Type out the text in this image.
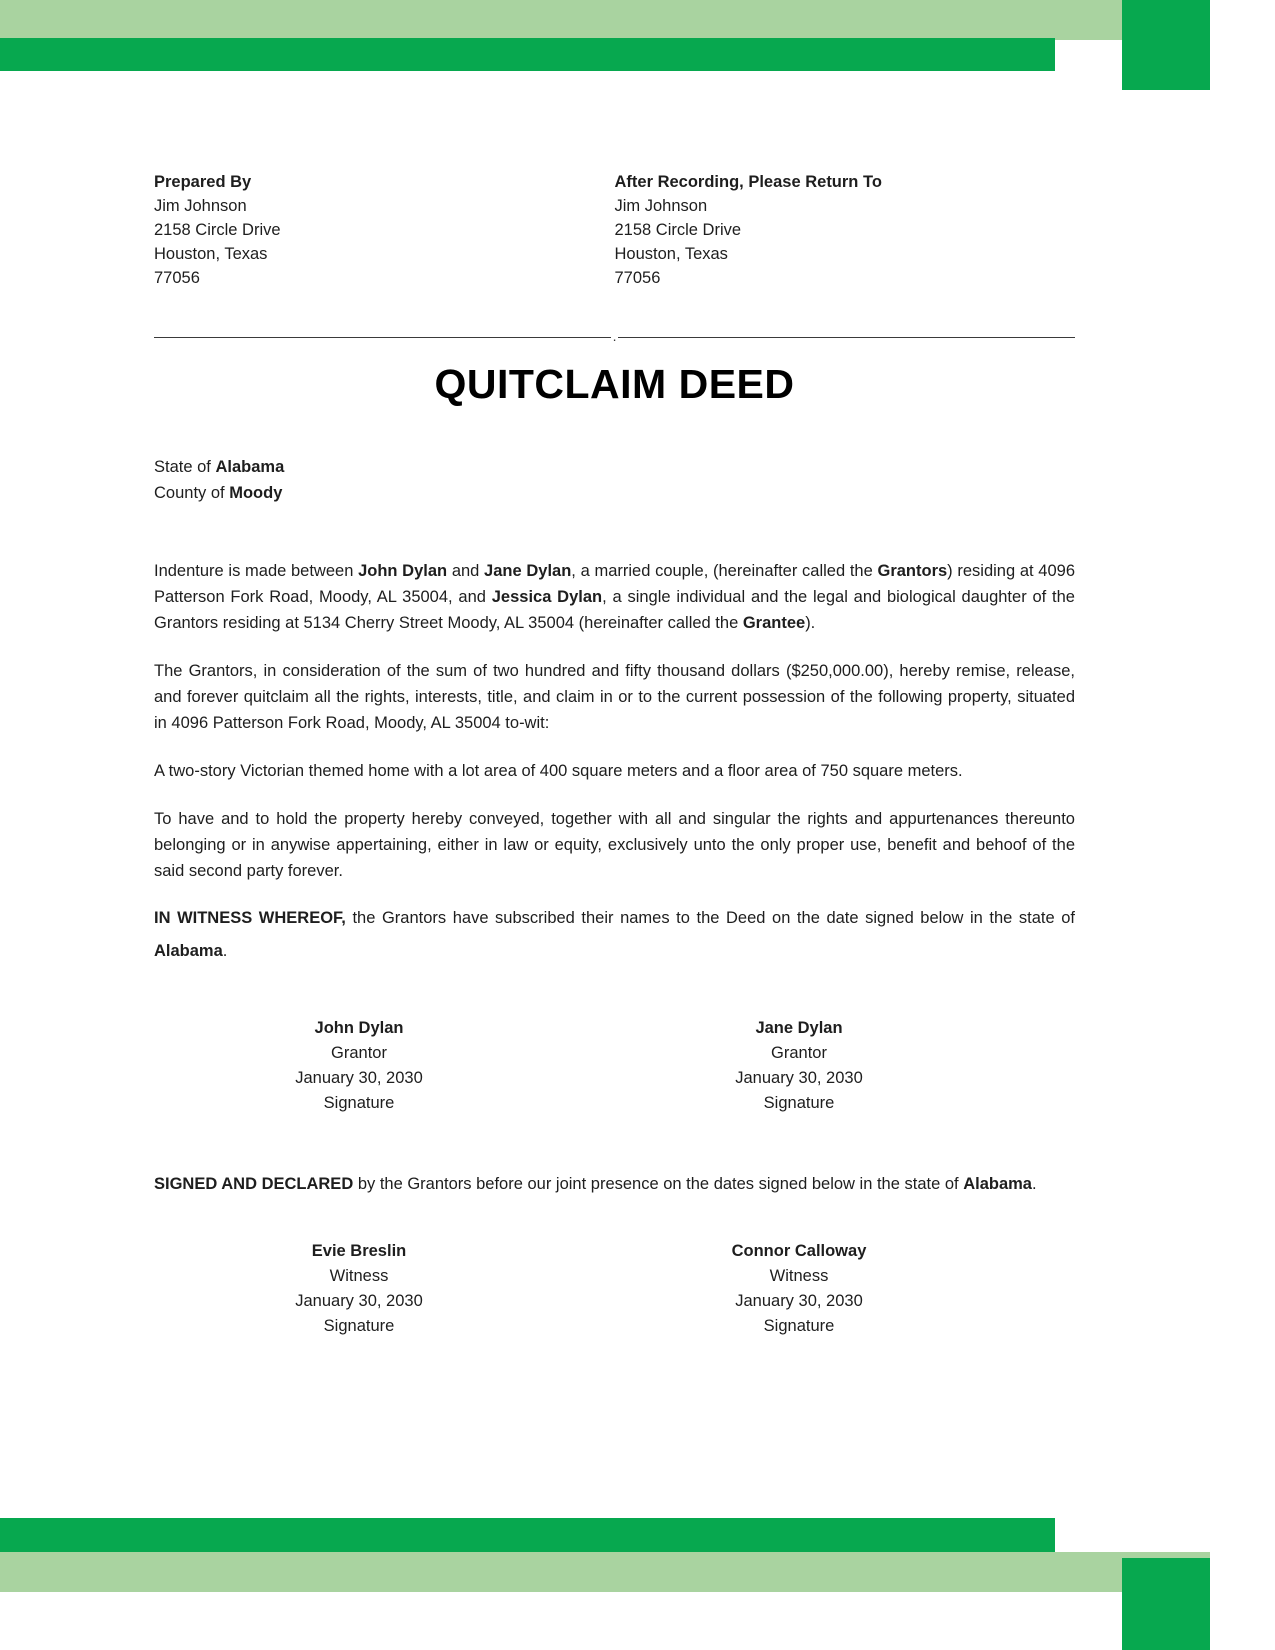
Prepared By
Jim Johnson
2158 Circle Drive
Houston, Texas
77056
After Recording, Please Return To
Jim Johnson
2158 Circle Drive
Houston, Texas
77056
.
QUITCLAIM DEED
State of Alabama
County of Moody

Indenture is made between John Dylan and Jane Dylan, a married couple, (hereinafter called the Grantors) residing at 4096 Patterson Fork Road, Moody, AL 35004, and Jessica Dylan, a single individual and the legal and biological daughter of the Grantors residing at 5134 Cherry Street Moody, AL 35004 (hereinafter called the Grantee).

The Grantors, in consideration of the sum of two hundred and fifty thousand dollars ($250,000.00), hereby remise, release, and forever quitclaim all the rights, interests, title, and claim in or to the current possession of the following property, situated in 4096 Patterson Fork Road, Moody, AL 35004 to-wit:

A two-story Victorian themed home with a lot area of 400 square meters and a floor area of 750 square meters.

To have and to hold the property hereby conveyed, together with all and singular the rights and appurtenances thereunto belonging or in anywise appertaining, either in law or equity, exclusively unto the only proper use, benefit and behoof of the said second party forever.

IN WITNESS WHEREOF, the Grantors have subscribed their names to the Deed on the date signed below in the state of Alabama.

John Dylan
Grantor
January 30, 2030
Signature
Jane Dylan
Grantor
January 30, 2030
Signature

SIGNED AND DECLARED by the Grantors before our joint presence on the dates signed below in the state of Alabama.

Evie Breslin
Witness
January 30, 2030
Signature
Connor Calloway
Witness
January 30, 2030
Signature
